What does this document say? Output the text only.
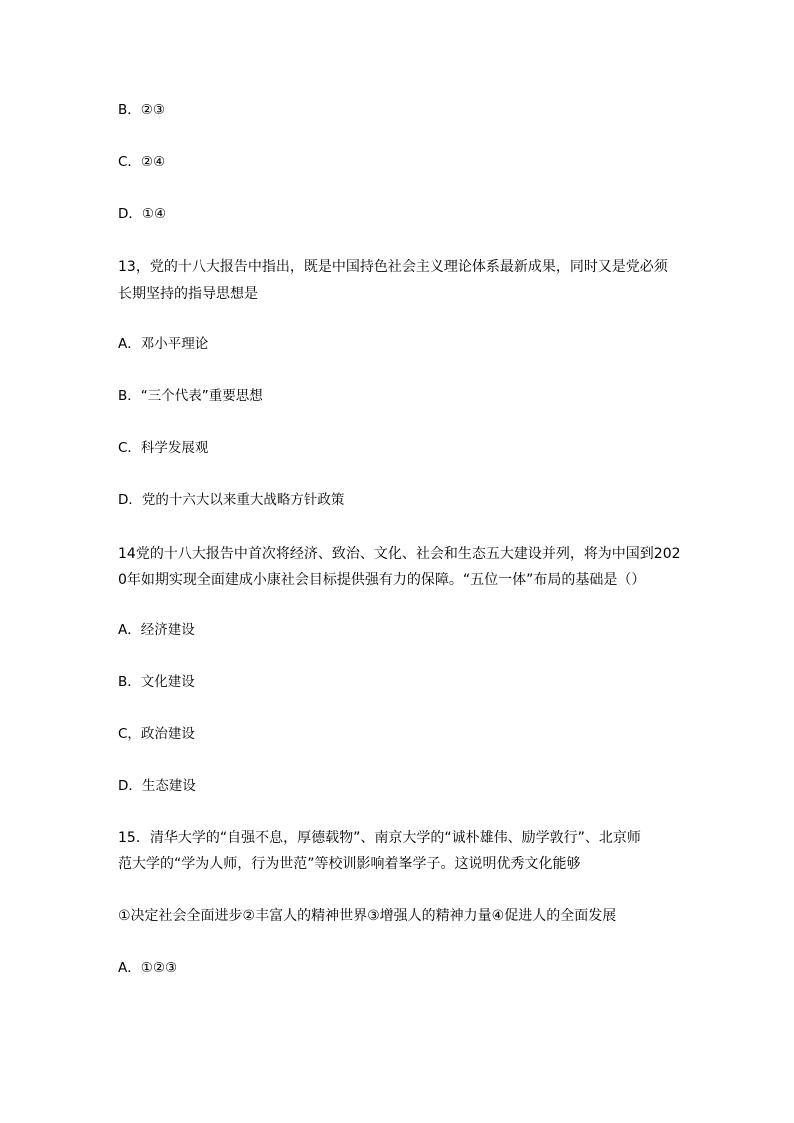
B．②③
C．②④
D．①④
13，党的十八大报告中指出，既是中国持色社会主义理论体系最新成果，同时又是党必须
长期坚持的指导思想是
A．邓小平理论
B．“三个代表”重要思想
C．科学发展观
D．党的十六大以来重大战略方针政策
14党的十八大报告中首次将经济、致治、文化、社会和生态五大建设并列，将为中国到202
0年如期实现全面建成小康社会目标提供强有力的保障。“五位一体”布局的基础是（）
A．经济建设
B．文化建设
C，政治建设
D．生态建设
15．清华大学的“自强不息，厚德载物”、南京大学的“诚朴雄伟、励学敦行”、北京师
范大学的“学为人师，行为世范”等校训影响着峯学子。这说明优秀文化能够
①决定社会全面进步②丰富人的精神世界③增强人的精神力量④促进人的全面发展
A．①②③
